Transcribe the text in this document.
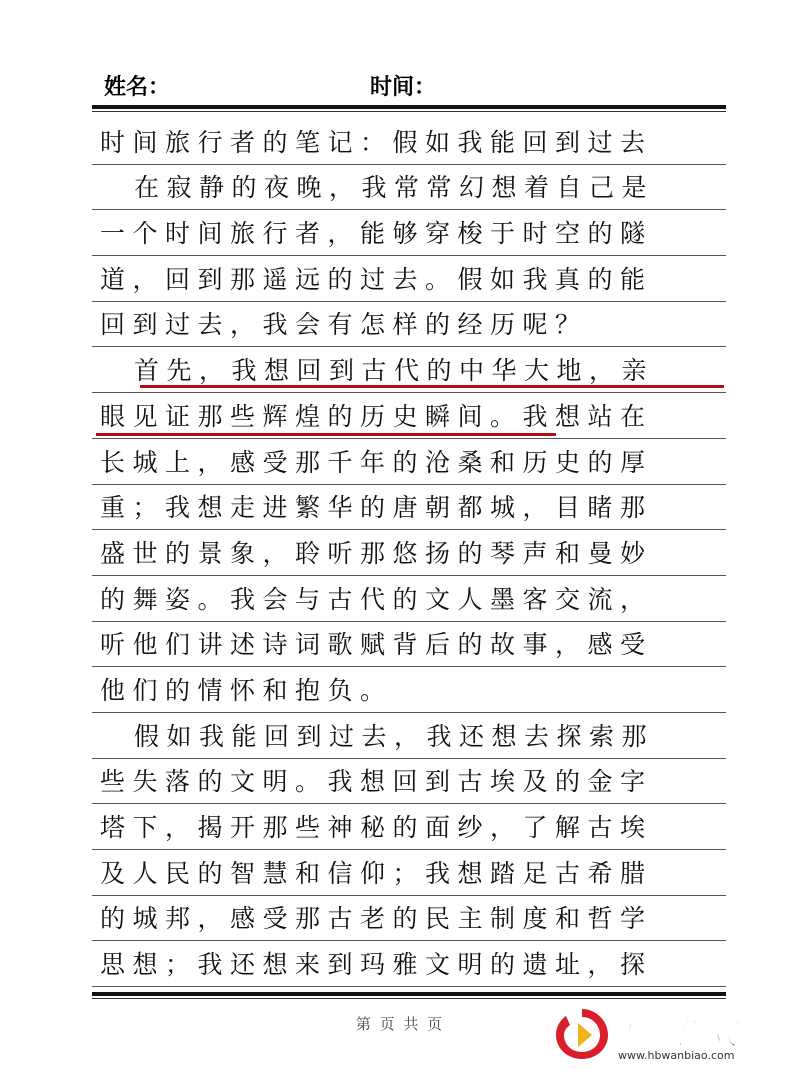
姓名：	时间：
时间旅行者的笔记：假如我能回到过去
在寂静的夜晚，我常常幻想着自己是
一个时间旅行者，能够穿梭于时空的隧
道，回到那遥远的过去。假如我真的能
回到过去，我会有怎样的经历呢？
首先，我想回到古代的中华大地，亲
眼见证那些辉煌的历史瞬间。我想站在
长城上，感受那千年的沧桑和历史的厚
重；我想走进繁华的唐朝都城，目睹那
盛世的景象，聆听那悠扬的琴声和曼妙
的舞姿。我会与古代的文人墨客交流，
听他们讲述诗词歌赋背后的故事，感受
他们的情怀和抱负。
假如我能回到过去，我还想去探索那
些失落的文明。我想回到古埃及的金字
塔下，揭开那些神秘的面纱，了解古埃
及人民的智慧和信仰；我想踏足古希腊
的城邦，感受那古老的民主制度和哲学
思想；我还想来到玛雅文明的遗址，探
第 页 共 页	万趣游戏网
www.hbwanbiao.com
